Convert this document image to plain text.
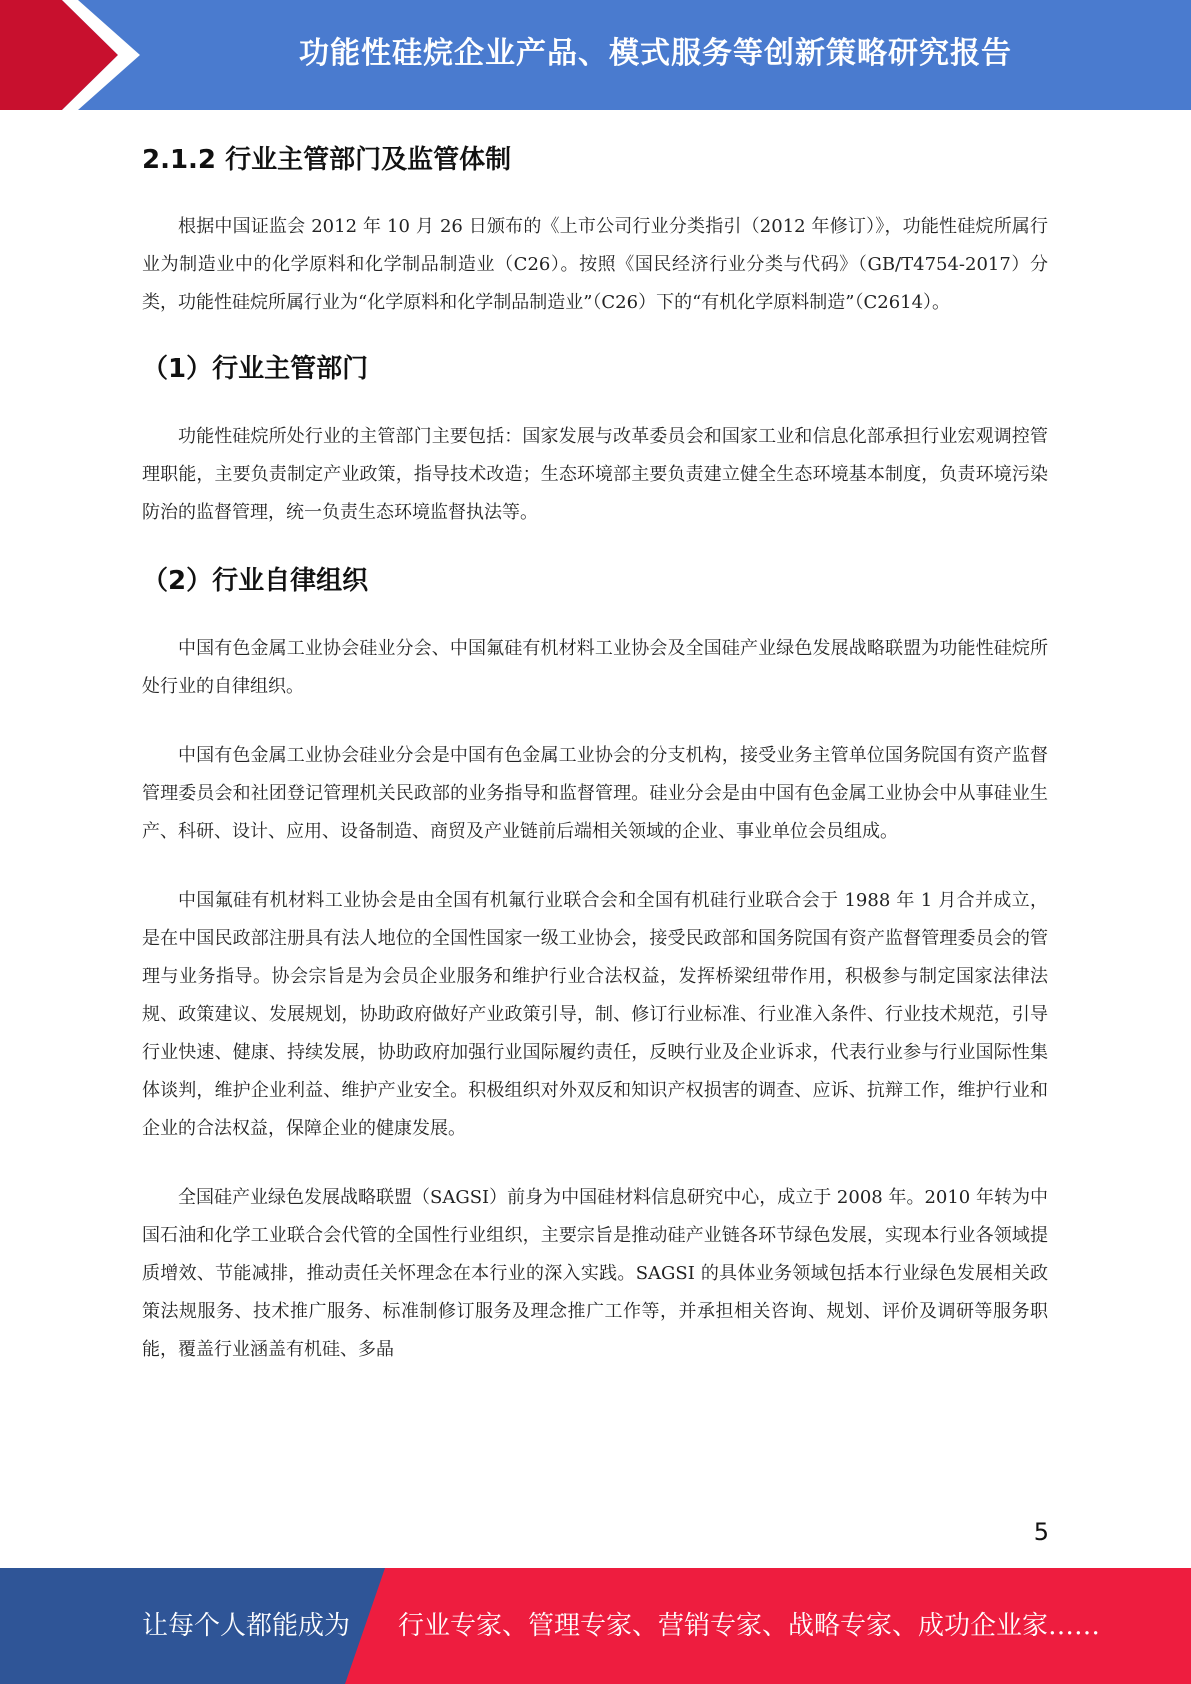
功能性硅烷企业产品、模式服务等创新策略研究报告
2.1.2 行业主管部门及监管体制

根据中国证监会 2012 年 10 月 26 日颁布的《上市公司行业分类指引（2012 年修订）》，功能性硅烷所属行业为制造业中的化学原料和化学制品制造业（C26）。按照《国民经济行业分类与代码》（GB/T4754-2017）分类，功能性硅烷所属行业为“化学原料和化学制品制造业”（C26）下的“有机化学原料制造”（C2614）。

（1）行业主管部门

功能性硅烷所处行业的主管部门主要包括：国家发展与改革委员会和国家工业和信息化部承担行业宏观调控管理职能，主要负责制定产业政策，指导技术改造；生态环境部主要负责建立健全生态环境基本制度，负责环境污染防治的监督管理，统一负责生态环境监督执法等。

（2）行业自律组织

中国有色金属工业协会硅业分会、中国氟硅有机材料工业协会及全国硅产业绿色发展战略联盟为功能性硅烷所处行业的自律组织。

中国有色金属工业协会硅业分会是中国有色金属工业协会的分支机构，接受业务主管单位国务院国有资产监督管理委员会和社团登记管理机关民政部的业务指导和监督管理。硅业分会是由中国有色金属工业协会中从事硅业生产、科研、设计、应用、设备制造、商贸及产业链前后端相关领域的企业、事业单位会员组成。

中国氟硅有机材料工业协会是由全国有机氟行业联合会和全国有机硅行业联合会于 1988 年 1 月合并成立，是在中国民政部注册具有法人地位的全国性国家一级工业协会，接受民政部和国务院国有资产监督管理委员会的管理与业务指导。协会宗旨是为会员企业服务和维护行业合法权益，发挥桥梁纽带作用，积极参与制定国家法律法规、政策建议、发展规划，协助政府做好产业政策引导，制、修订行业标准、行业准入条件、行业技术规范，引导行业快速、健康、持续发展，协助政府加强行业国际履约责任，反映行业及企业诉求，代表行业参与行业国际性集体谈判，维护企业利益、维护产业安全。积极组织对外双反和知识产权损害的调查、应诉、抗辩工作，维护行业和企业的合法权益，保障企业的健康发展。

全国硅产业绿色发展战略联盟（SAGSI）前身为中国硅材料信息研究中心，成立于 2008 年。2010 年转为中国石油和化学工业联合会代管的全国性行业组织，主要宗旨是推动硅产业链各环节绿色发展，实现本行业各领域提质增效、节能减排，推动责任关怀理念在本行业的深入实践。SAGSI 的具体业务领域包括本行业绿色发展相关政策法规服务、技术推广服务、标准制修订服务及理念推广工作等，并承担相关咨询、规划、评价及调研等服务职能，覆盖行业涵盖有机硅、多晶

5
让每个人都能成为 行业专家、管理专家、营销专家、战略专家、成功企业家……
